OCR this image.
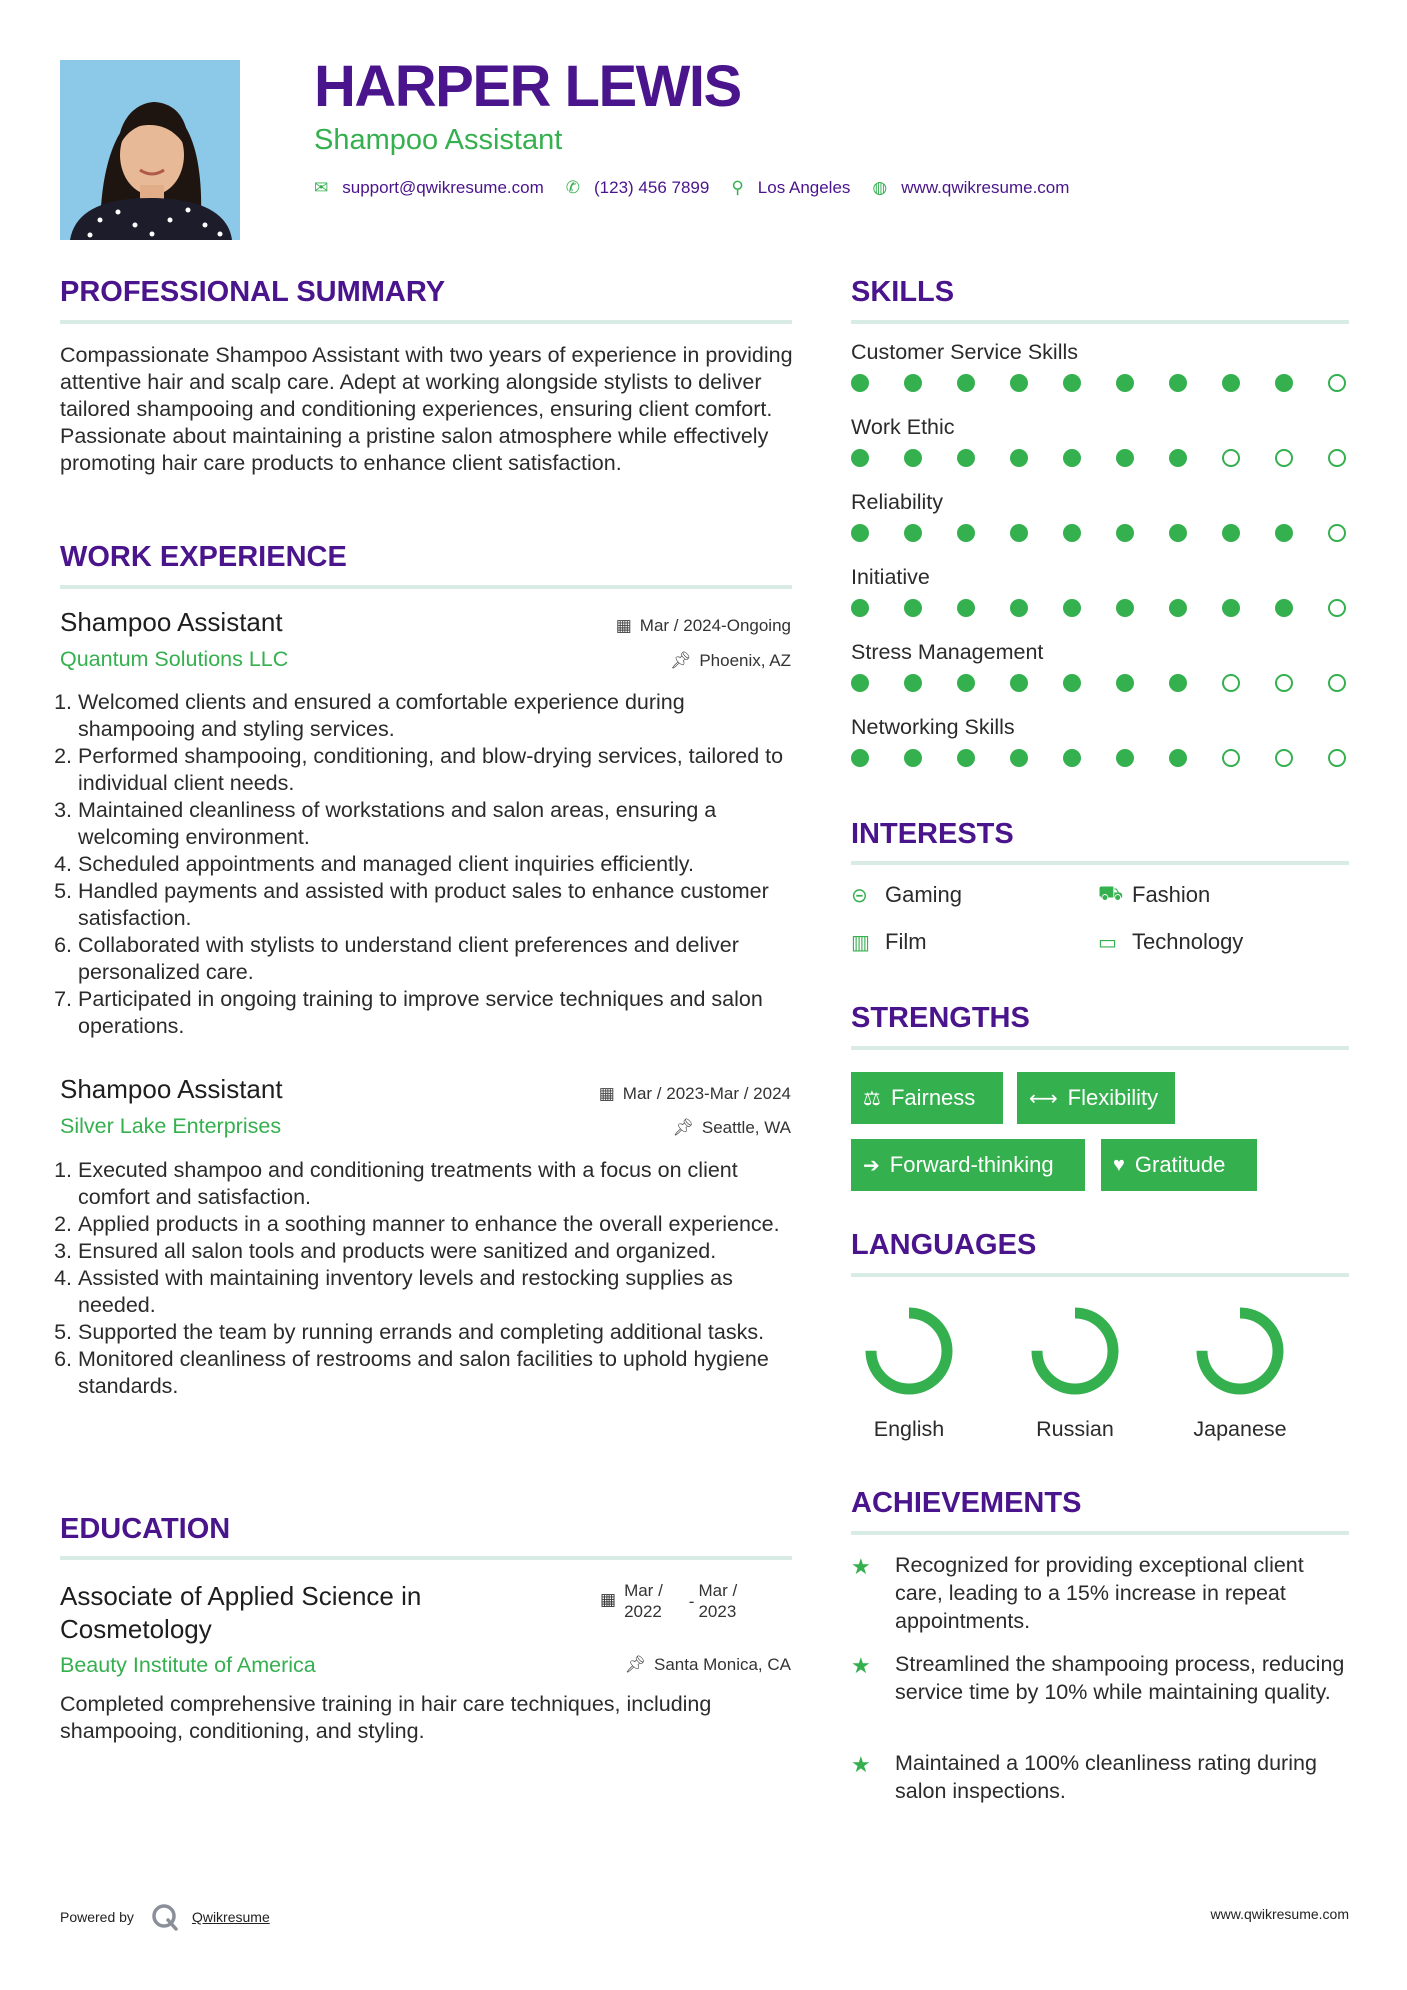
HARPER LEWIS
Shampoo Assistant
✉ support@qwikresume.com ✆ (123) 456 7899 ⚲ Los Angeles ◍ www.qwikresume.com
PROFESSIONAL SUMMARY
Compassionate Shampoo Assistant with two years of experience in providing attentive hair and scalp care. Adept at working alongside stylists to deliver tailored shampooing and conditioning experiences, ensuring client comfort. Passionate about maintaining a pristine salon atmosphere while effectively promoting hair care products to enhance client satisfaction.
WORK EXPERIENCE
Shampoo Assistant	▦ Mar / 2024-Ongoing
Quantum Solutions LLC	📌︎ Phoenix, AZ
1. Welcomed clients and ensured a comfortable experience during shampooing and styling services.
2. Performed shampooing, conditioning, and blow-drying services, tailored to individual client needs.
3. Maintained cleanliness of workstations and salon areas, ensuring a welcoming environment.
4. Scheduled appointments and managed client inquiries efficiently.
5. Handled payments and assisted with product sales to enhance customer satisfaction.
6. Collaborated with stylists to understand client preferences and deliver personalized care.
7. Participated in ongoing training to improve service techniques and salon operations.
Shampoo Assistant	▦ Mar / 2023-Mar / 2024
Silver Lake Enterprises	📌︎ Seattle, WA
1. Executed shampoo and conditioning treatments with a focus on client comfort and satisfaction.
2. Applied products in a soothing manner to enhance the overall experience.
3. Ensured all salon tools and products were sanitized and organized.
4. Assisted with maintaining inventory levels and restocking supplies as needed.
5. Supported the team by running errands and completing additional tasks.
6. Monitored cleanliness of restrooms and salon facilities to uphold hygiene standards.
EDUCATION
Associate of Applied Science in
Cosmetology
▦ Mar /
2022
-
Mar /
2023
Beauty Institute of America	📌︎ Santa Monica, CA
Completed comprehensive training in hair care techniques, including shampooing, conditioning, and styling.
SKILLS
Customer Service Skills
Work Ethic
Reliability
Initiative
Stress Management
Networking Skills
INTERESTS
⊝ Gaming	⛟ Fashion
▥ Film	▭ Technology
STRENGTHS
⚖ Fairness	⟷ Flexibility
➔ Forward-thinking	♥ Gratitude
LANGUAGES
English	Russian	Japanese
ACHIEVEMENTS
★	Recognized for providing exceptional client care, leading to a 15% increase in repeat appointments.
★	Streamlined the shampooing process, reducing service time by 10% while maintaining quality.
★	Maintained a 100% cleanliness rating during salon inspections.
Powered by	Qwikresume	www.qwikresume.com
